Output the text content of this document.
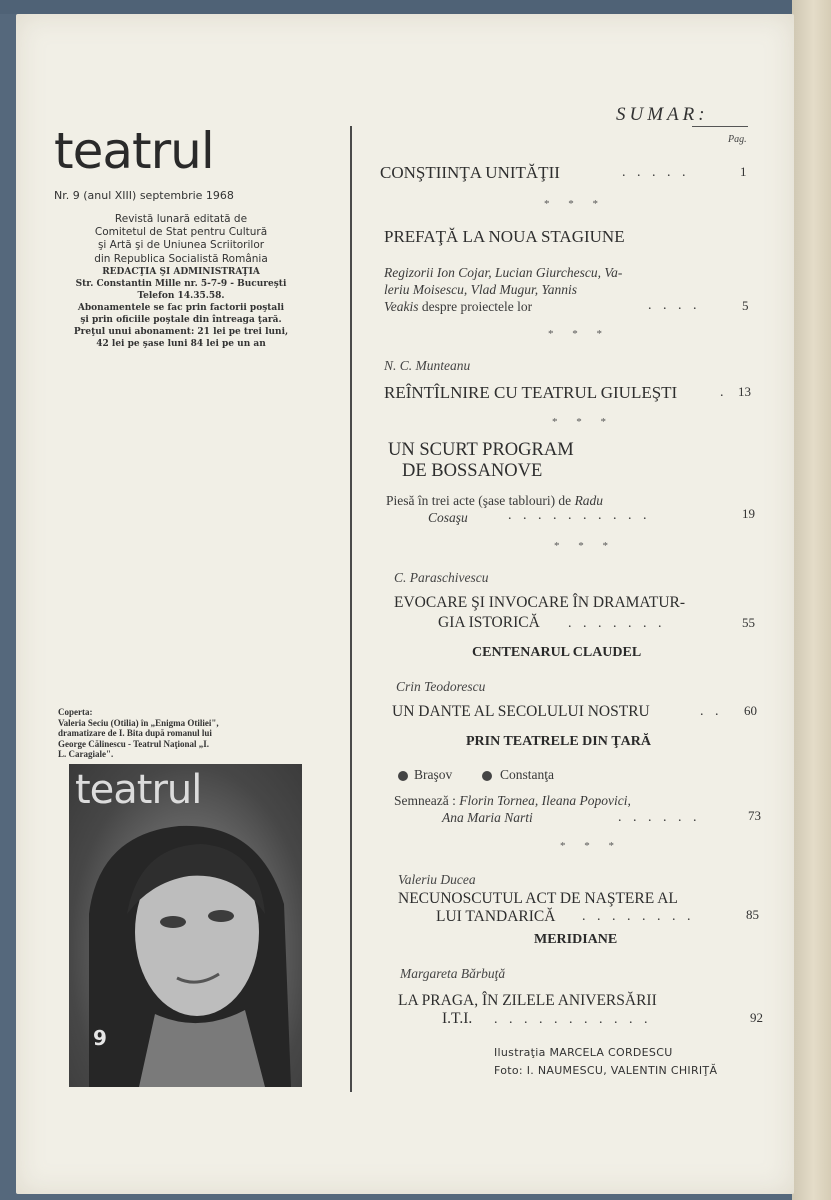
teatrul
Nr. 9 (anul XIII) septembrie 1968
Revistă lunară editată de
Comitetul de Stat pentru Cultură
şi Artă şi de Uniunea Scriitorilor
din Republica Socialistă România
REDACŢIA ŞI ADMINISTRAŢIA
Str. Constantin Mille nr. 5-7-9 - Bucureşti
Telefon 14.35.58.
Abonamentele se fac prin factorii poştali
şi prin oficiile poştale din întreaga ţară.
Preţul unui abonament: 21 lei pe trei luni,
42 lei pe şase luni 84 lei pe un an
Coperta:
Valeria Seciu (Otilia) în „Enigma Otiliei",
dramatizare de I. Bita după romanul lui
George Călinescu - Teatrul Naţional „I.
L. Caragiale".
teatrul
9
SUMAR:
Pag.
CONŞTIINŢA UNITĂŢII	. . . . .	1
* * *
PREFAŢĂ LA NOUA STAGIUNE
Regizorii Ion Cojar, Lucian Giurchescu, Va-
leriu Moisescu, Vlad Mugur, Yannis
Veakis despre proiectele lor	. . . .	5
* * *
N. C. Munteanu
REÎNTÎLNIRE CU TEATRUL GIULEŞTI	. 13
* * *
UN SCURT PROGRAM
DE BOSSANOVE
Piesă în trei acte (şase tablouri) de Radu
Cosaşu	. . . . . . . . . .	19
* * *
C. Paraschivescu
EVOCARE ŞI INVOCARE ÎN DRAMATUR-
GIA ISTORICĂ . . . . . . .	55
CENTENARUL CLAUDEL
Crin Teodorescu
UN DANTE AL SECOLULUI NOSTRU	. . 60
PRIN TEATRELE DIN ŢARĂ
Braşov	Constanţa
Semnează : Florin Tornea, Ileana Popovici,
Ana Maria Narti	. . . . . .	73
* * *
Valeriu Ducea
NECUNOSCUTUL ACT DE NAŞTERE AL
LUI TANDARICĂ . . . . . . . .	85
MERIDIANE
Margareta Bărbuţă
LA PRAGA, ÎN ZILELE ANIVERSĂRII
I.T.I. . . . . . . . . . . .	92
Ilustraţia MARCELA CORDESCU
Foto: I. NAUMESCU, VALENTIN CHIRIŢĂ
